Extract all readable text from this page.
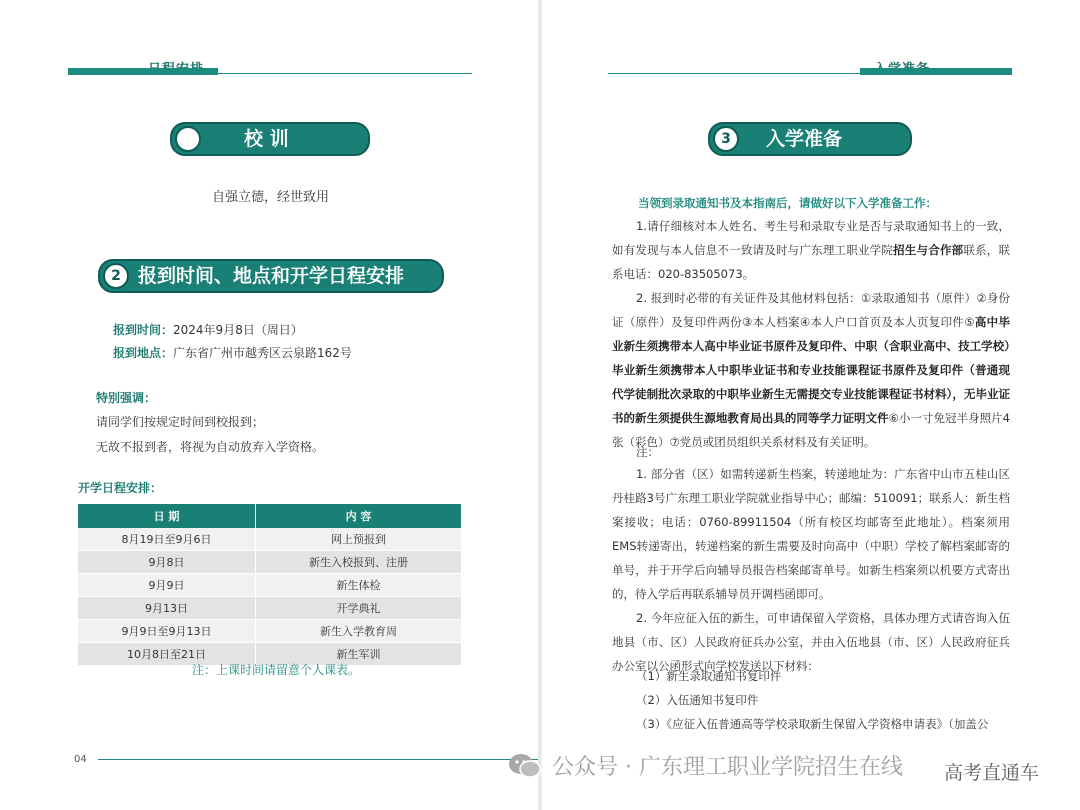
校 训
自强立德，经世致用
2 报到时间、地点和开学日程安排
报到时间：2024年9月8日（周日）
报到地点：广东省广州市越秀区云泉路162号
特别强调：
请同学们按规定时间到校报到；
无故不报到者，将视为自动放弃入学资格。
开学日程安排：
日 期	内 容
8月19日至9月6日	网上预报到
9月8日	新生入校报到、注册
9月9日	新生体检
9月13日	开学典礼
9月9日至9月13日	新生入学教育周
10月8日至21日	新生军训
注：上课时间请留意个人课表。
04
3	入学准备
当领到录取通知书及本指南后，请做好以下入学准备工作：
1.请仔细核对本人姓名、考生号和录取专业是否与录取通知书上的一致，如有发现与本人信息不一致请及时与广东理工职业学院招生与合作部联系，联系电话：020-83505073。
2. 报到时必带的有关证件及其他材料包括：①录取通知书（原件）②身份证（原件）及复印件两份③本人档案④本人户口首页及本人页复印件⑤高中毕业新生须携带本人高中毕业证书原件及复印件、中职（含职业高中、技工学校）毕业新生须携带本人中职毕业证书和专业技能课程证书原件及复印件（普通现代学徒制批次录取的中职毕业新生无需提交专业技能课程证书材料），无毕业证书的新生须提供生源地教育局出具的同等学力证明文件⑥小一寸免冠半身照片4张（彩色）⑦党员或团员组织关系材料及有关证明。
注：
1. 部分省（区）如需转递新生档案，转递地址为：广东省中山市五桂山区丹桂路3号广东理工职业学院就业指导中心；邮编：510091；联系人：新生档案接收；电话：0760-89911504（所有校区均邮寄至此地址）。档案须用EMS转递寄出，转递档案的新生需要及时向高中（中职）学校了解档案邮寄的单号，并于开学后向辅导员报告档案邮寄单号。如新生档案须以机要方式寄出的，待入学后再联系辅导员开调档函即可。
2. 今年应征入伍的新生，可申请保留入学资格，具体办理方式请咨询入伍地县（市、区）人民政府征兵办公室，并由入伍地县（市、区）人民政府征兵办公室以公函形式向学校发送以下材料：
（1）新生录取通知书复印件
（2）入伍通知书复印件
（3）《应征入伍普通高等学校录取新生保留入学资格申请表》（加盖公
公众号 · 广东理工职业学院招生在线 高考直通车
